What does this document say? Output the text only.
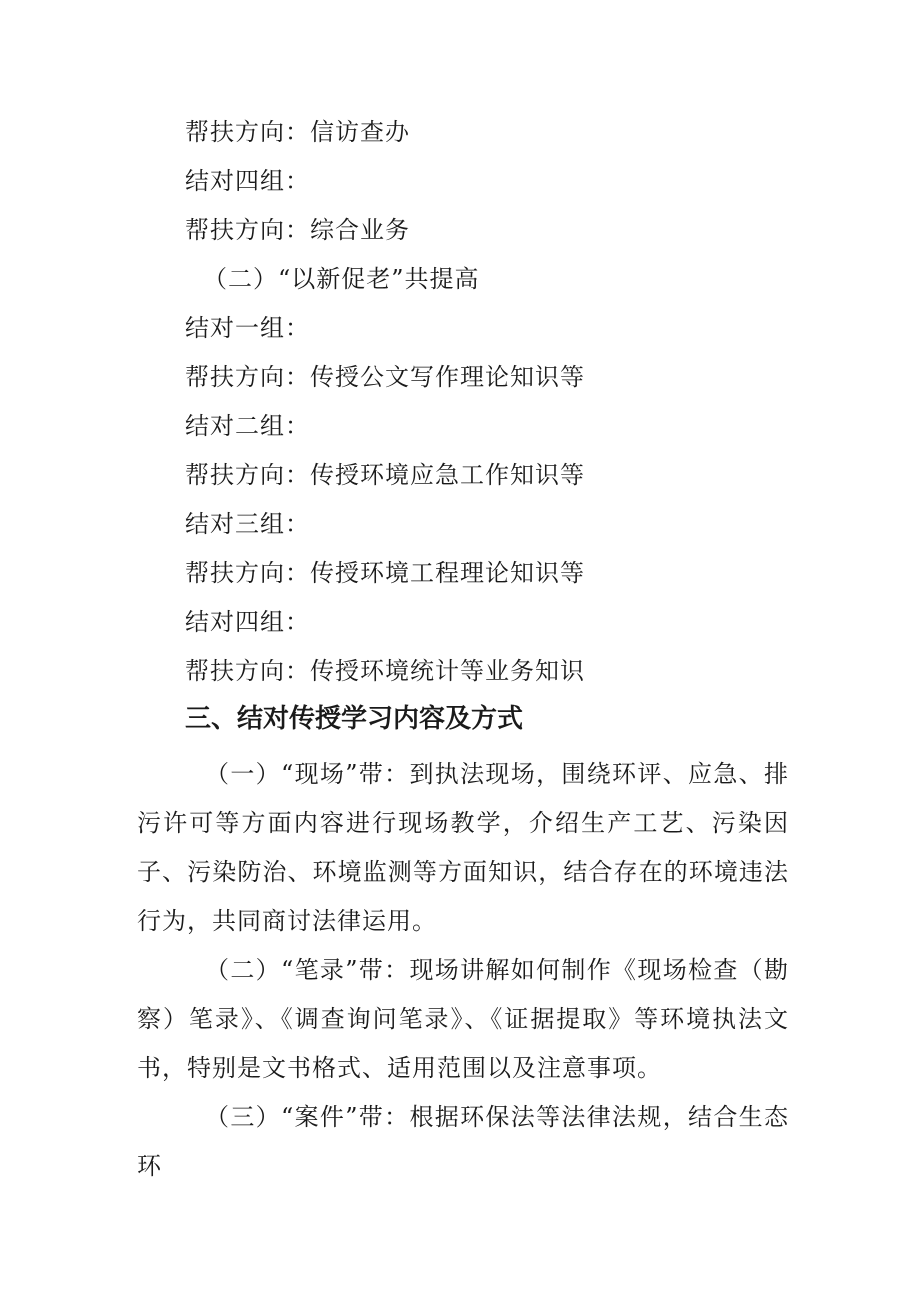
帮扶方向：信访查办
结对四组：
帮扶方向：综合业务
（二）“以新促老”共提高
结对一组：
帮扶方向：传授公文写作理论知识等
结对二组：
帮扶方向：传授环境应急工作知识等
结对三组：
帮扶方向：传授环境工程理论知识等
结对四组：
帮扶方向：传授环境统计等业务知识
三、结对传授学习内容及方式
（一）“现场”带：到执法现场，围绕环评、应急、排污许可等方面内容进行现场教学，介绍生产工艺、污染因子、污染防治、环境监测等方面知识，结合存在的环境违法行为，共同商讨法律运用。
（二）“笔录”带：现场讲解如何制作《现场检查（勘察）笔录》、《调查询问笔录》、《证据提取》等环境执法文书，特别是文书格式、适用范围以及注意事项。
（三）“案件”带：根据环保法等法律法规，结合生态环
